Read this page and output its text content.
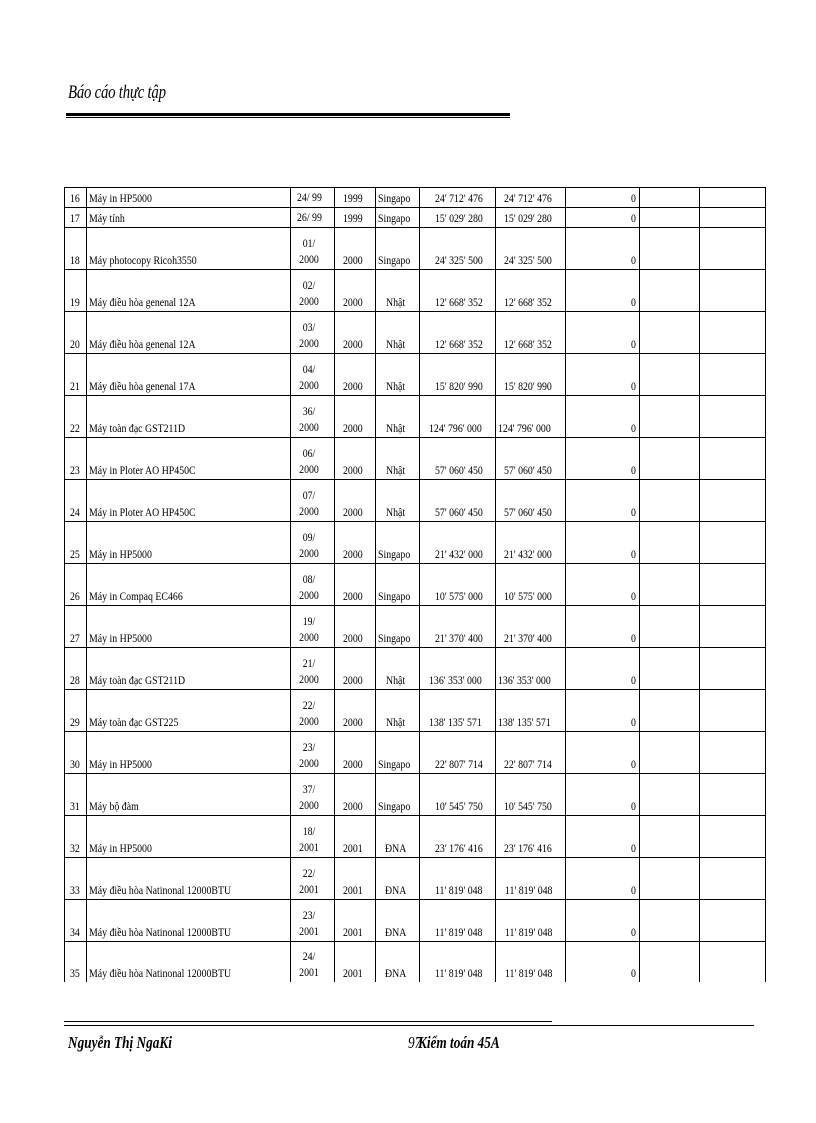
Báo cáo thực tập
16	Máy in HP5000	24/ 99	1999	Singapo	24' 712' 476	24' 712' 476	0		
17	Máy tính	26/ 99	1999	Singapo	15' 029' 280	15' 029' 280	0		
18	Máy photocopy Ricoh3550	01/ 2000	2000	Singapo	24' 325' 500	24' 325' 500	0		
19	Máy điều hòa genenal 12A	02/ 2000	2000	Nhật	12' 668' 352	12' 668' 352	0		
20	Máy điều hòa genenal 12A	03/ 2000	2000	Nhật	12' 668' 352	12' 668' 352	0		
21	Máy điều hòa genenal 17A	04/ 2000	2000	Nhật	15' 820' 990	15' 820' 990	0		
22	Máy toàn đạc GST211D	36/ 2000	2000	Nhật	124' 796' 000	124' 796' 000	0		
23	Máy in Ploter AO HP450C	06/ 2000	2000	Nhật	57' 060' 450	57' 060' 450	0		
24	Máy in Ploter AO HP450C	07/ 2000	2000	Nhật	57' 060' 450	57' 060' 450	0		
25	Máy in HP5000	09/ 2000	2000	Singapo	21' 432' 000	21' 432' 000	0		
26	Máy in Compaq EC466	08/ 2000	2000	Singapo	10' 575' 000	10' 575' 000	0		
27	Máy in HP5000	19/ 2000	2000	Singapo	21' 370' 400	21' 370' 400	0		
28	Máy toàn đạc GST211D	21/ 2000	2000	Nhật	136' 353' 000	136' 353' 000	0		
29	Máy toàn đạc GST225	22/ 2000	2000	Nhật	138' 135' 571	138' 135' 571	0		
30	Máy in HP5000	23/ 2000	2000	Singapo	22' 807' 714	22' 807' 714	0		
31	Máy bộ đàm	37/ 2000	2000	Singapo	10' 545' 750	10' 545' 750	0		
32	Máy in HP5000	18/ 2001	2001	ĐNA	23' 176' 416	23' 176' 416	0		
33	Máy điều hòa Natinonal 12000BTU	22/ 2001	2001	ĐNA	11' 819' 048	11' 819' 048	0		
34	Máy điều hòa Natinonal 12000BTU	23/ 2001	2001	ĐNA	11' 819' 048	11' 819' 048	0		
35	Máy điều hòa Natinonal 12000BTU	24/ 2001	2001	ĐNA	11' 819' 048	11' 819' 048	0		
Nguyễn Thị NgaKi	97
Kiểm toán 45A
